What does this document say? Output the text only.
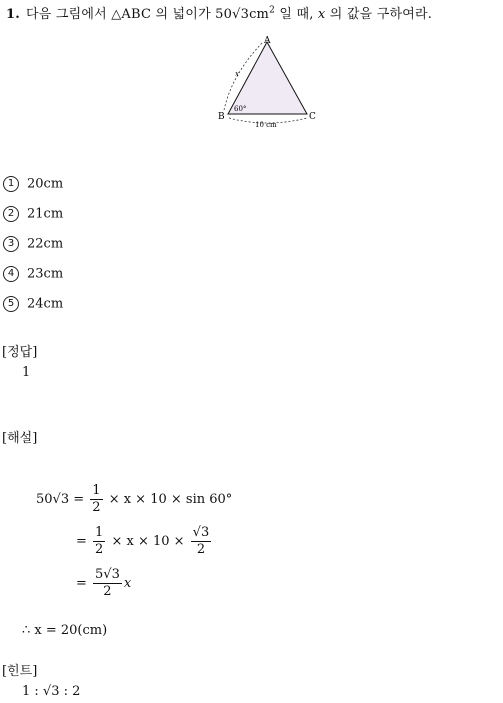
1. 다음 그림에서 △ABC 의 넓이가 $50√3cm^2$ 일 때, x 의 값을 구하여라.
A
B	C
60°
x
10 cm
1 20cm
2 21cm
3 22cm
4 23cm
5 24cm
[정답]
1
[해설]
$50√3 = \frac{1}{2} \times x \times 10 \times \sin 60^\circ$
= $\frac{1}{2} \times x \times 10 \times \frac{√3}{2}$
= $\frac{5√3}{2}$ x
∴ x = 20(cm)
[힌트]
1 : √3 : 2
